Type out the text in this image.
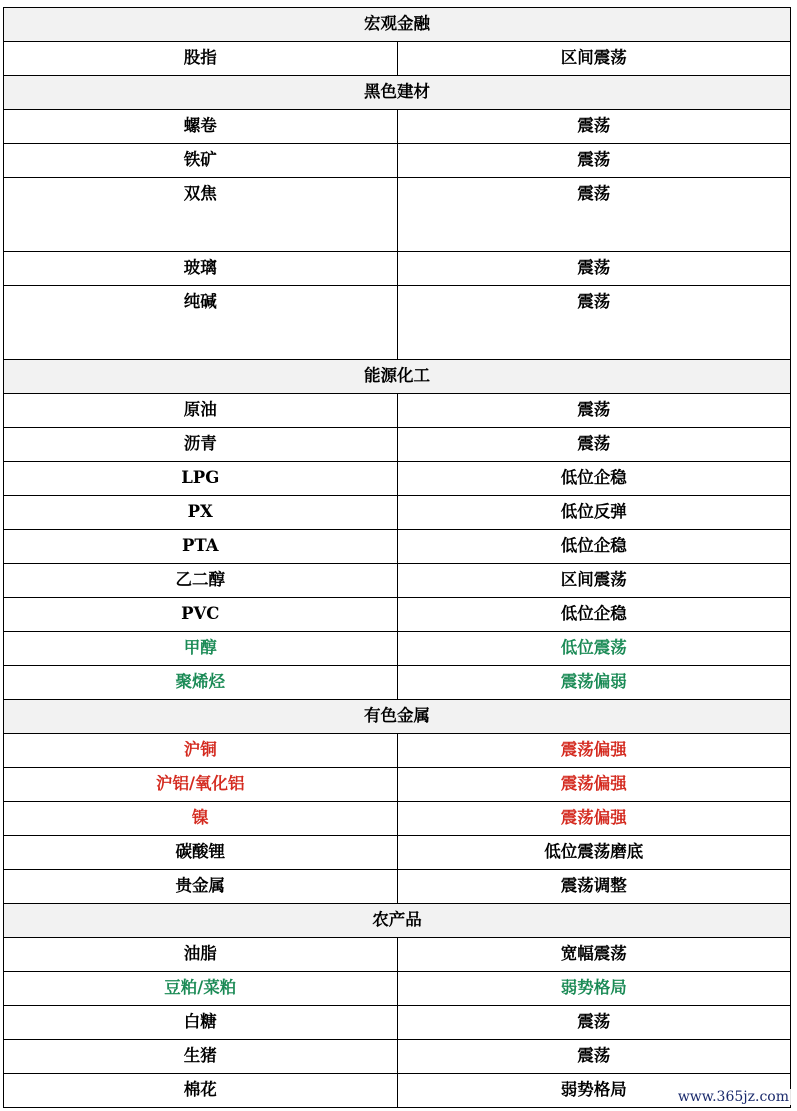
宏观金融	
股指	区间震荡
黑色建材	
螺卷	震荡
铁矿	震荡
双焦	震荡
玻璃	震荡
纯碱	震荡
能源化工	
原油	震荡
沥青	震荡
LPG	低位企稳
PX	低位反弹
PTA	低位企稳
乙二醇	区间震荡
PVC	低位企稳
甲醇	低位震荡
聚烯烃	震荡偏弱
有色金属	
沪铜	震荡偏强
沪铝/氧化铝	震荡偏强
镍	震荡偏强
碳酸锂	低位震荡磨底
贵金属	震荡调整
农产品	
油脂	宽幅震荡
豆粕/菜粕	弱势格局
白糖	震荡
生猪	震荡
棉花	弱势格局	www.365jz.com
